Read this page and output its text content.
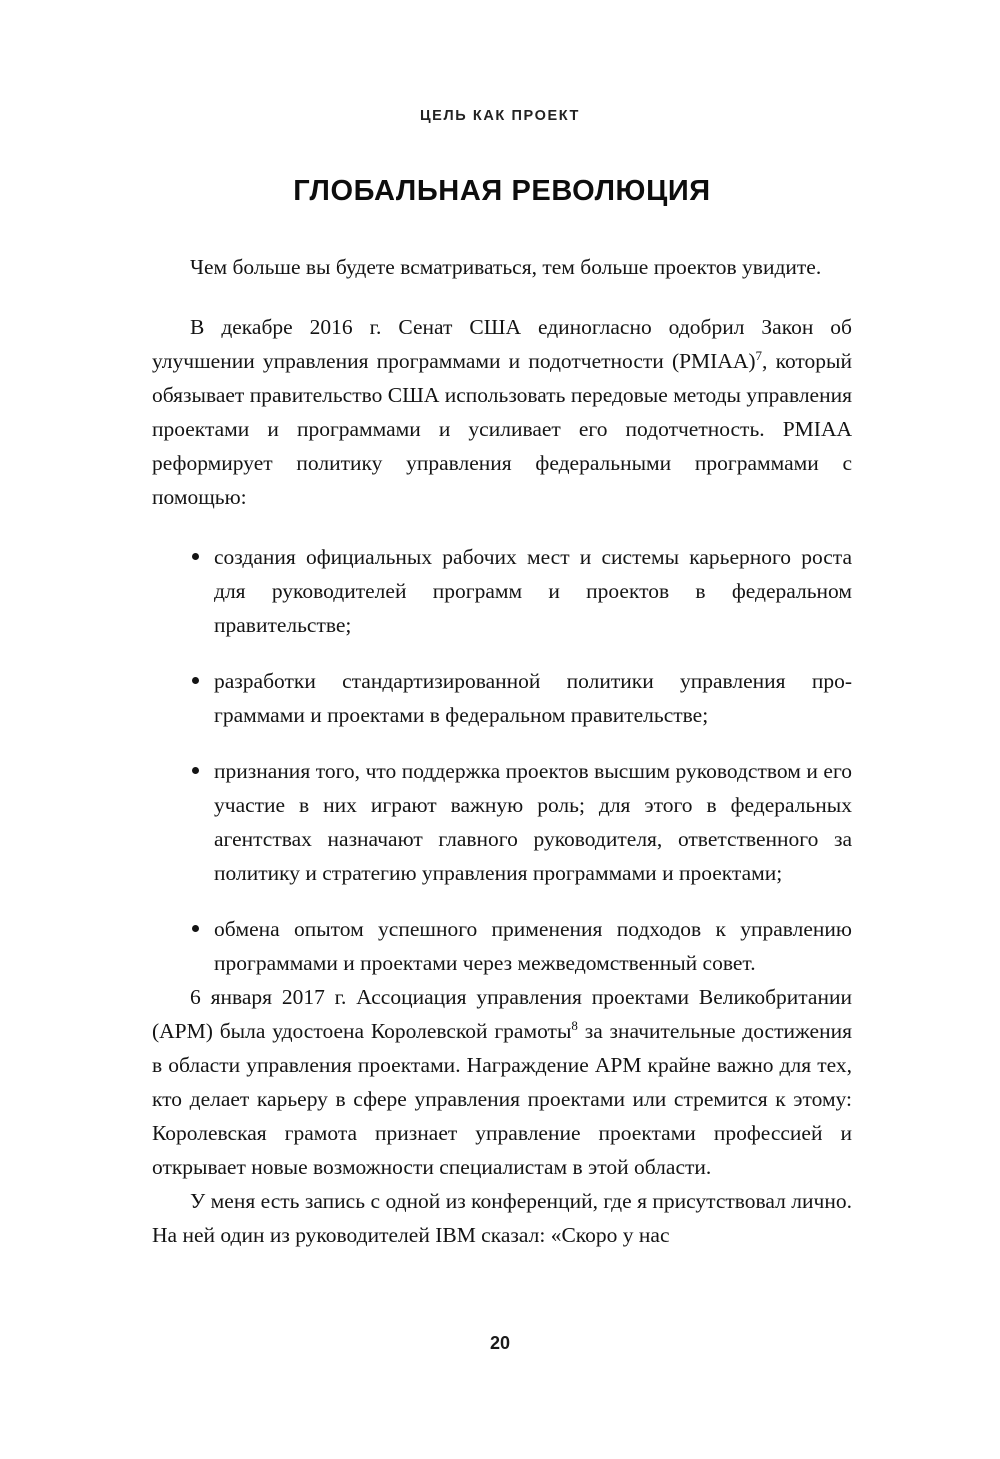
ЦЕЛЬ КАК ПРОЕКТ
ГЛОБАЛЬНАЯ РЕВОЛЮЦИЯ

Чем больше вы будете всматриваться, тем больше проектов увидите.

В декабре 2016 г. Сенат США единогласно одобрил Закон об улучшении управления программами и подотчетности (PMIAA)$^7$, который обязывает правительство США использовать передовые методы управления проектами и программами и усиливает его подотчетность. PMIAA реформирует политику управления федеральными программами с помощью:

создания официальных рабочих мест и системы карьерного роста для руководителей программ и проектов в федеральном правительстве;
разработки стандартизированной политики управления программами и проектами в федеральном правительстве;
признания того, что поддержка проектов высшим руководством и его участие в них играют важную роль; для этого в федеральных агентствах назначают главного руководителя, ответственного за политику и стратегию управления программами и проектами;
обмена опытом успешного применения подходов к управлению программами и проектами через межведомственный совет.

6 января 2017 г. Ассоциация управления проектами Великобритании (APM) была удостоена Королевской грамоты$^8$ за значительные достижения в области управления проектами. Награждение APM крайне важно для тех, кто делает карьеру в сфере управления проектами или стремится к этому: Королевская грамота признает управление проектами профессией и открывает новые возможности специалистам в этой области.

У меня есть запись с одной из конференций, где я присутствовал лично. На ней один из руководителей IBM сказал: «Скоро у нас

20
